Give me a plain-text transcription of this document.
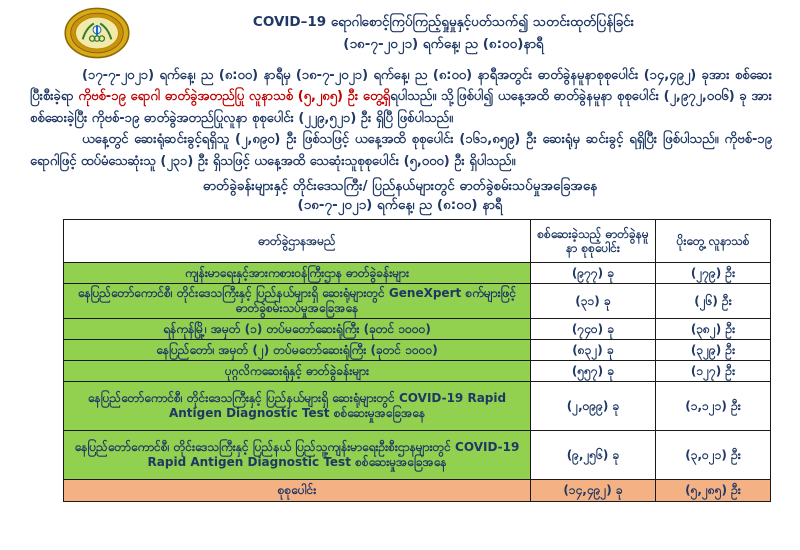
COVID–19 ရောဂါစောင့်ကြပ်ကြည့်ရှုမှုနှင့်ပတ်သက်၍ သတင်းထုတ်ပြန်ခြင်း
(၁၈-၇-၂၀၂၁) ရက်နေ့၊ ည (၈:၀၀)နာရီ

(၁၇-၇-၂၀၂၁) ရက်နေ့၊ ည (၈:၀၀) နာရီမှ (၁၈-၇-၂၀၂၁) ရက်နေ့၊ ည (၈:၀၀) နာရီအတွင်း ဓာတ်ခွဲနမူနာစုစုပေါင်း (၁၄,၄၉၂) ခုအား စစ်ဆေးပြီးစီးခဲ့ရာ ကိုဗစ်-၁၉ ရောဂါ ဓာတ်ခွဲအတည်ပြု လူနာသစ် (၅,၂၈၅) ဦး တွေ့ရှိရပါသည်။ သို့ဖြစ်ပါ၍ ယနေ့အထိ ဓာတ်ခွဲနမူနာ စုစုပေါင်း (၂,၉၇၂,၀၀၆) ခု အား စစ်ဆေးခဲ့ပြီး ကိုဗစ်-၁၉ ဓာတ်ခွဲအတည်ပြုလူနာ စုစုပေါင်း (၂၂၉,၅၂၁) ဦး ရှိပြီ ဖြစ်ပါသည်။

ယနေ့တွင် ဆေးရုံဆင်းခွင့်ရရှိသူ (၂,၈၉၀) ဦး ဖြစ်သဖြင့် ယနေ့အထိ စုစုပေါင်း (၁၆၁,၈၅၉) ဦး ဆေးရုံမှ ဆင်းခွင့် ရရှိပြီး ဖြစ်ပါသည်။ ကိုဗစ်-၁၉ ရောဂါဖြင့် ထပ်မံသေဆုံးသူ (၂၃၁) ဦး ရှိသဖြင့် ယနေ့အထိ သေဆုံးသူစုစုပေါင်း (၅,၀၀၀) ဦး ရှိပါသည်။

ဓာတ်ခွဲခန်းများနှင့် တိုင်းဒေသကြီး/ ပြည်နယ်များတွင် ဓာတ်ခွဲစမ်းသပ်မှုအခြေအနေ
(၁၈-၇-၂၀၂၁) ရက်နေ့၊ ည (၈:၀၀) နာရီ
ဓာတ်ခွဲဌာနအမည်	စစ်ဆေးခဲ့သည့် ဓာတ်ခွဲနမူနာ စုစုပေါင်း	ပိုးတွေ့ လူနာသစ်
ကျန်းမာရေးနှင့်အားကစားဝန်ကြီးဌာန ဓာတ်ခွဲခန်းများ	(၉၇၇) ခု	(၂၇၉) ဦး
နေပြည်တော်ကောင်စီ၊ တိုင်းဒေသကြီးနှင့် ပြည်နယ်များရှိ ဆေးရုံများတွင် GeneXpert စက်များဖြင့် ဓာတ်ခွဲစမ်းသပ်မှုအခြေအနေ	(၃၁) ခု	(၂၆) ဦး
ရန်ကုန်မြို့၊ အမှတ် (၁) တပ်မတော်ဆေးရုံကြီး (ခုတင် ၁၀၀၀)	(၇၄၀) ခု	(၃၈၂) ဦး
နေပြည်တော်၊ အမှတ် (၂) တပ်မတော်ဆေးရုံကြီး (ခုတင် ၁၀၀၀)	(၈၃၂) ခု	(၃၂၉) ဦး
ပုဂ္ဂလိကဆေးရုံနှင့် ဓာတ်ခွဲခန်းများ	(၅၅၇) ခု	(၁၂၇) ဦး
နေပြည်တော်ကောင်စီ၊ တိုင်းဒေသကြီးနှင့် ပြည်နယ်များရှိ ဆေးရုံများတွင် COVID-19 Rapid Antigen Diagnostic Test စစ်ဆေးမှုအခြေအနေ	(၂,၀၉၉) ခု	(၁,၁၂၁) ဦး
နေပြည်တော်ကောင်စီ၊ တိုင်းဒေသကြီးနှင့် ပြည်နယ် ပြည်သူ့ကျန်းမာရေးဦးစီးဌာနများတွင် COVID-19 Rapid Antigen Diagnostic Test စစ်ဆေးမှုအခြေအနေ	(၉,၂၅၆) ခု	(၃,၀၂၁) ဦး
စုစုပေါင်း	(၁၄,၄၉၂) ခု	(၅,၂၈၅) ဦး
